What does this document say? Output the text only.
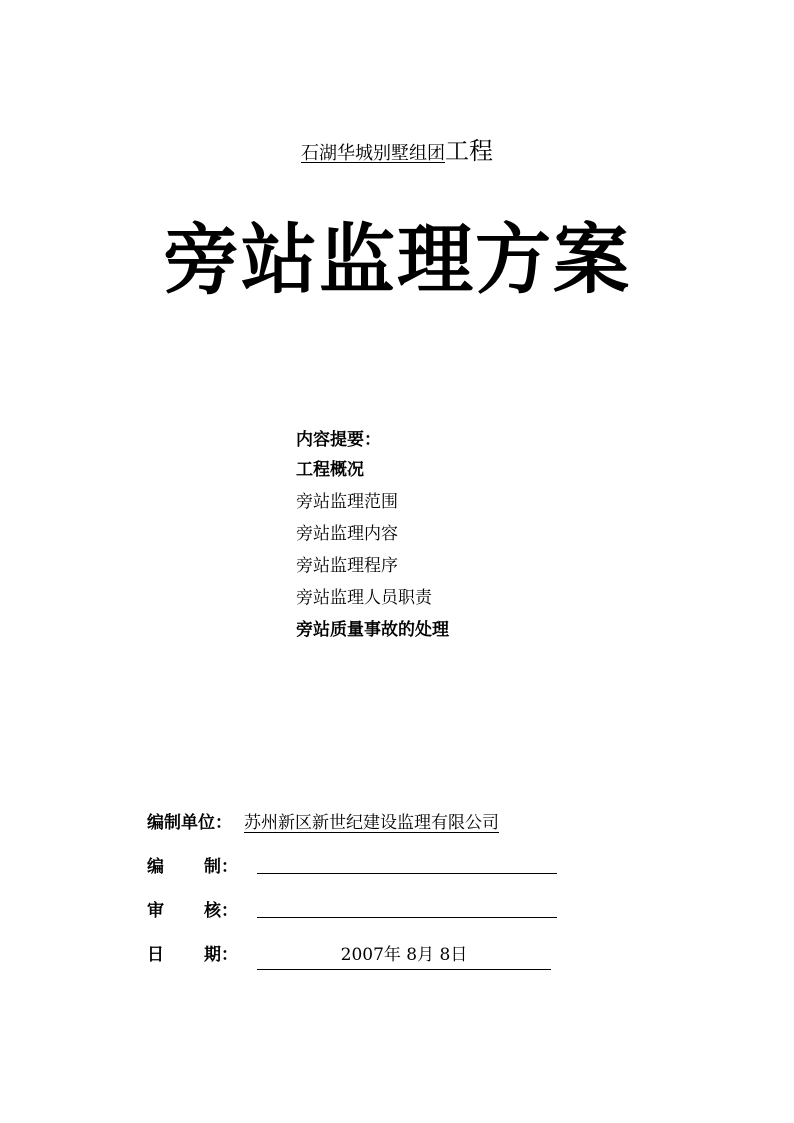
石湖华城别墅组团工程
旁站监理方案
内容提要：
工程概况
旁站监理范围
旁站监理内容
旁站监理程序
旁站监理人员职责
旁站质量事故的处理
编制单位： 苏州新区新世纪建设监理有限公司
编 制：
审 核：
日 期：	2007年 8月 8日
